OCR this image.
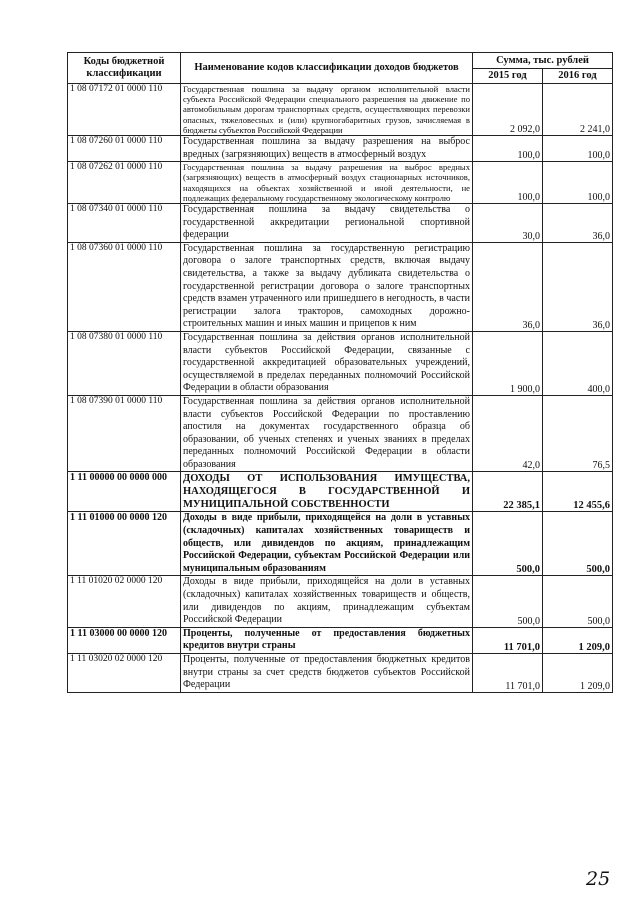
Коды бюджетной классификации	Наименование кодов классификации доходов бюджетов	Сумма, тыс. рублей	
		2015 год	2016 год
1 08 07172 01 0000 110	Государственная пошлина за выдачу органом исполнительной власти субъекта Российской Федерации специального разрешения на движение по автомобильным дорогам транспортных средств, осуществляющих перевозки опасных, тяжеловесных и (или) крупногабаритных грузов, зачисляемая в бюджеты субъектов Российской Федерации	2 092,0	2 241,0
1 08 07260 01 0000 110	Государственная пошлина за выдачу разрешения на выброс вредных (загрязняющих) веществ в атмосферный воздух	100,0	100,0
1 08 07262 01 0000 110	Государственная пошлина за выдачу разрешения на выброс вредных (загрязняющих) веществ в атмосферный воздух стационарных источников, находящихся на объектах хозяйственной и иной деятельности, не подлежащих федеральному государственному экологическому контролю	100,0	100,0
1 08 07340 01 0000 110	Государственная пошлина за выдачу свидетельства о государственной аккредитации региональной спортивной федерации	30,0	36,0
1 08 07360 01 0000 110	Государственная пошлина за государственную регистрацию договора о залоге транспортных средств, включая выдачу свидетельства, а также за выдачу дубликата свидетельства о государственной регистрации договора о залоге транспортных средств взамен утраченного или пришедшего в негодность, в части регистрации залога тракторов, самоходных дорожно-строительных машин и иных машин и прицепов к ним	36,0	36,0
1 08 07380 01 0000 110	Государственная пошлина за действия органов исполнительной власти субъектов Российской Федерации, связанные с государственной аккредитацией образовательных учреждений, осуществляемой в пределах переданных полномочий Российской Федерации в области образования	1 900,0	400,0
1 08 07390 01 0000 110	Государственная пошлина за действия органов исполнительной власти субъектов Российской Федерации по проставлению апостиля на документах государственного образца об образовании, об ученых степенях и ученых званиях в пределах переданных полномочий Российской Федерации в области образования	42,0	76,5
1 11 00000 00 0000 000	ДОХОДЫ ОТ ИСПОЛЬЗОВАНИЯ ИМУЩЕСТВА, НАХОДЯЩЕГОСЯ В ГОСУДАРСТВЕННОЙ И МУНИЦИПАЛЬНОЙ СОБСТВЕННОСТИ	22 385,1	12 455,6
1 11 01000 00 0000 120	Доходы в виде прибыли, приходящейся на доли в уставных (складочных) капиталах хозяйственных товариществ и обществ, или дивидендов по акциям, принадлежащим Российской Федерации, субъектам Российской Федерации или муниципальным образованиям	500,0	500,0
1 11 01020 02 0000 120	Доходы в виде прибыли, приходящейся на доли в уставных (складочных) капиталах хозяйственных товариществ и обществ, или дивидендов по акциям, принадлежащим субъектам Российской Федерации	500,0	500,0
1 11 03000 00 0000 120	Проценты, полученные от предоставления бюджетных кредитов внутри страны	11 701,0	1 209,0
1 11 03020 02 0000 120	Проценты, полученные от предоставления бюджетных кредитов внутри страны за счет средств бюджетов субъектов Российской Федерации	11 701,0	1 209,0
25
